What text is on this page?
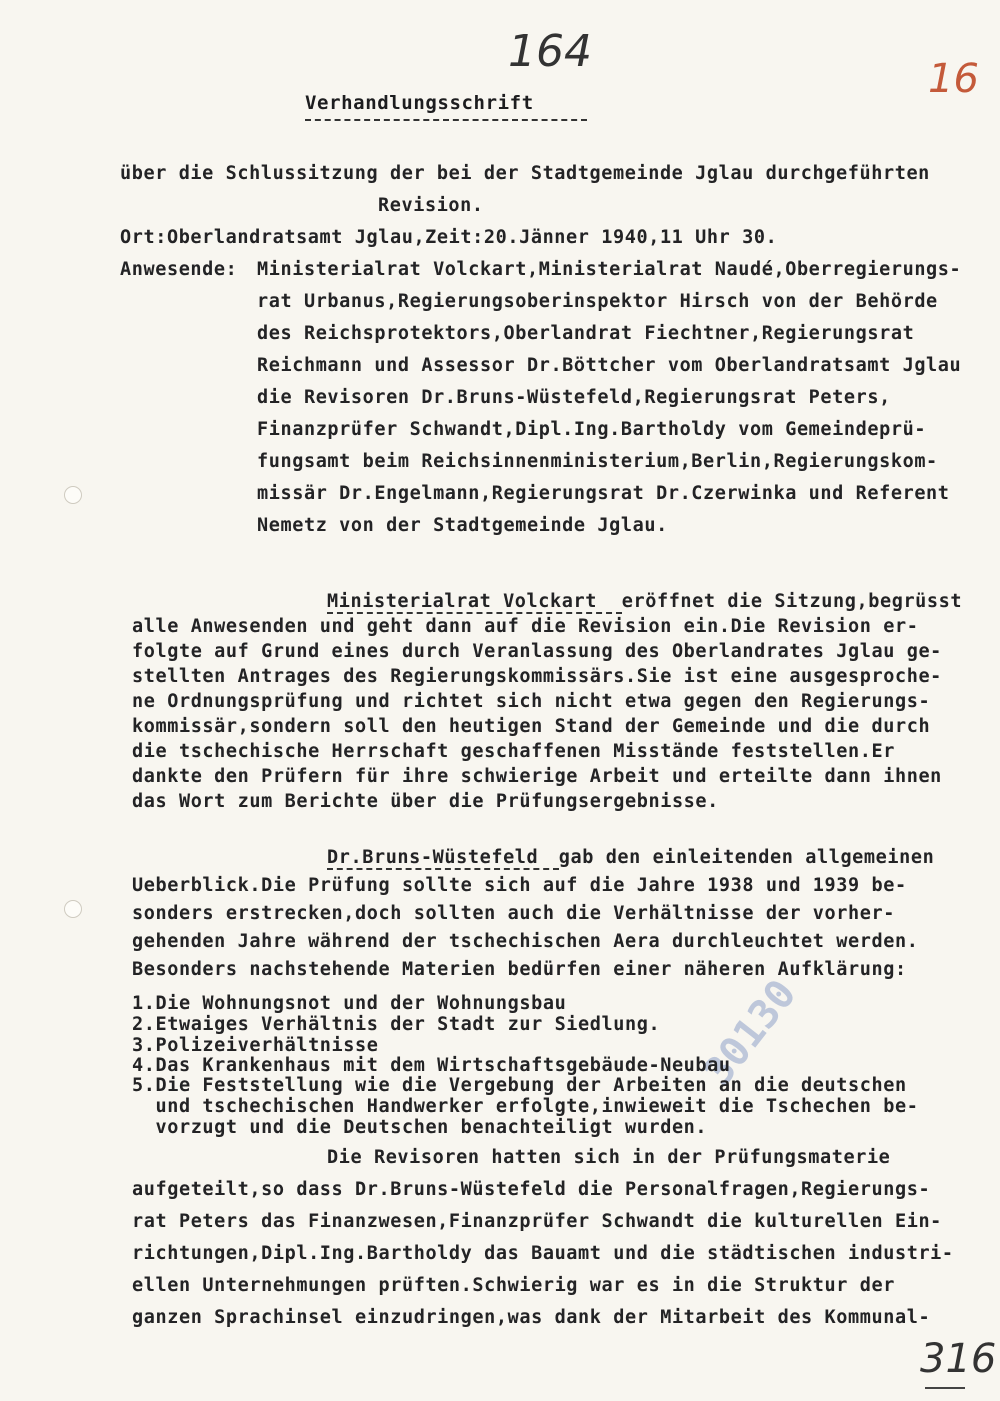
164
16
316
30130
Verhandlungsschrift
über die Schlussitzung der bei der Stadtgemeinde Jglau durchgeführten
Revision.
Ort:Oberlandratsamt Jglau,Zeit:20.Jänner 1940,11 Uhr 30.
Anwesende: Ministerialrat Volckart,Ministerialrat Naudé,Oberregierungs-
rat Urbanus,Regierungsoberinspektor Hirsch von der Behörde
des Reichsprotektors,Oberlandrat Fiechtner,Regierungsrat
Reichmann und Assessor Dr.Böttcher vom Oberlandratsamt Jglau
die Revisoren Dr.Bruns-Wüstefeld,Regierungsrat Peters,
Finanzprüfer Schwandt,Dipl.Ing.Bartholdy vom Gemeindeprü-
fungsamt beim Reichsinnenministerium,Berlin,Regierungskom-
missär Dr.Engelmann,Regierungsrat Dr.Czerwinka und Referent
Nemetz von der Stadtgemeinde Jglau.
Ministerialrat Volckart eröffnet die Sitzung,begrüsst
alle Anwesenden und geht dann auf die Revision ein.Die Revision er-
folgte auf Grund eines durch Veranlassung des Oberlandrates Jglau ge-
stellten Antrages des Regierungskommissärs.Sie ist eine ausgesproche-
ne Ordnungsprüfung und richtet sich nicht etwa gegen den Regierungs-
kommissär,sondern soll den heutigen Stand der Gemeinde und die durch
die tschechische Herrschaft geschaffenen Misstände feststellen.Er
dankte den Prüfern für ihre schwierige Arbeit und erteilte dann ihnen
das Wort zum Berichte über die Prüfungsergebnisse.
Dr.Bruns-Wüstefeld gab den einleitenden allgemeinen
Ueberblick.Die Prüfung sollte sich auf die Jahre 1938 und 1939 be-
sonders erstrecken,doch sollten auch die Verhältnisse der vorher-
gehenden Jahre während der tschechischen Aera durchleuchtet werden.
Besonders nachstehende Materien bedürfen einer näheren Aufklärung:
1.Die Wohnungsnot und der Wohnungsbau
2.Etwaiges Verhältnis der Stadt zur Siedlung.
3.Polizeiverhältnisse
4.Das Krankenhaus mit dem Wirtschaftsgebäude-Neubau
5.Die Feststellung wie die Vergebung der Arbeiten an die deutschen
und tschechischen Handwerker erfolgte,inwieweit die Tschechen be-
vorzugt und die Deutschen benachteiligt wurden.
Die Revisoren hatten sich in der Prüfungsmaterie
aufgeteilt,so dass Dr.Bruns-Wüstefeld die Personalfragen,Regierungs-
rat Peters das Finanzwesen,Finanzprüfer Schwandt die kulturellen Ein-
richtungen,Dipl.Ing.Bartholdy das Bauamt und die städtischen industri-
ellen Unternehmungen prüften.Schwierig war es in die Struktur der
ganzen Sprachinsel einzudringen,was dank der Mitarbeit des Kommunal-
